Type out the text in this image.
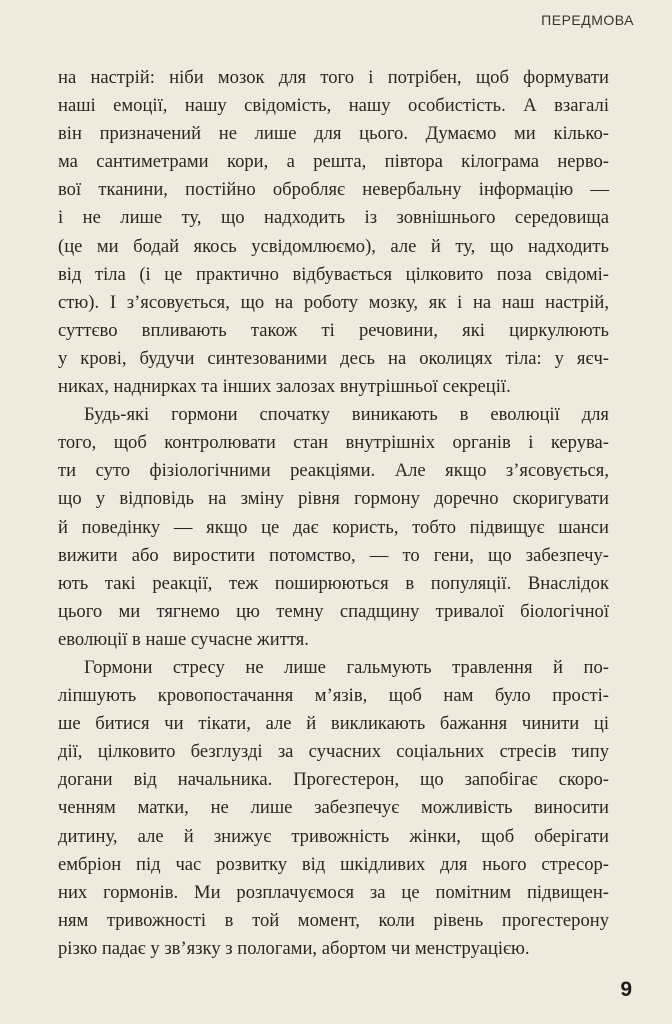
ПЕРЕДМОВА

на настрій: ніби мозок для того і потрібен, щоб формувати
наші емоції, нашу свідомість, нашу особистість. А взагалі
він призначений не лише для цього. Думаємо ми кілько-
ма сантиметрами кори, а решта, півтора кілограма нерво-
вої тканини, постійно обробляє невербальну інформацію —
і не лише ту, що надходить із зовнішнього середовища
(це ми бодай якось усвідомлюємо), але й ту, що надходить
від тіла (і це практично відбувається цілковито поза свідомі-
стю). І з’ясовується, що на роботу мозку, як і на наш настрій,
суттєво впливають також ті речовини, які циркулюють
у крові, будучи синтезованими десь на околицях тіла: у яєч-
никах, наднирках та інших залозах внутрішньої секреції.

Будь-які гормони спочатку виникають в еволюції для
того, щоб контролювати стан внутрішніх органів і керува-
ти суто фізіологічними реакціями. Але якщо з’ясовується,
що у відповідь на зміну рівня гормону доречно скоригувати
й поведінку — якщо це дає користь, тобто підвищує шанси
вижити або виростити потомство, — то гени, що забезпечу-
ють такі реакції, теж поширюються в популяції. Внаслідок
цього ми тягнемо цю темну спадщину тривалої біологічної
еволюції в наше сучасне життя.

Гормони стресу не лише гальмують травлення й по-
ліпшують кровопостачання м’язів, щоб нам було прості-
ше битися чи тікати, але й викликають бажання чинити ці
дії, цілковито безглузді за сучасних соціальних стресів типу
догани від начальника. Прогестерон, що запобігає скоро-
ченням матки, не лише забезпечує можливість виносити
дитину, але й знижує тривожність жінки, щоб оберігати
ембріон під час розвитку від шкідливих для нього стресор-
них гормонів. Ми розплачуємося за це помітним підвищен-
ням тривожності в той момент, коли рівень прогестерону
різко падає у зв’язку з пологами, абортом чи менструацією.

9
